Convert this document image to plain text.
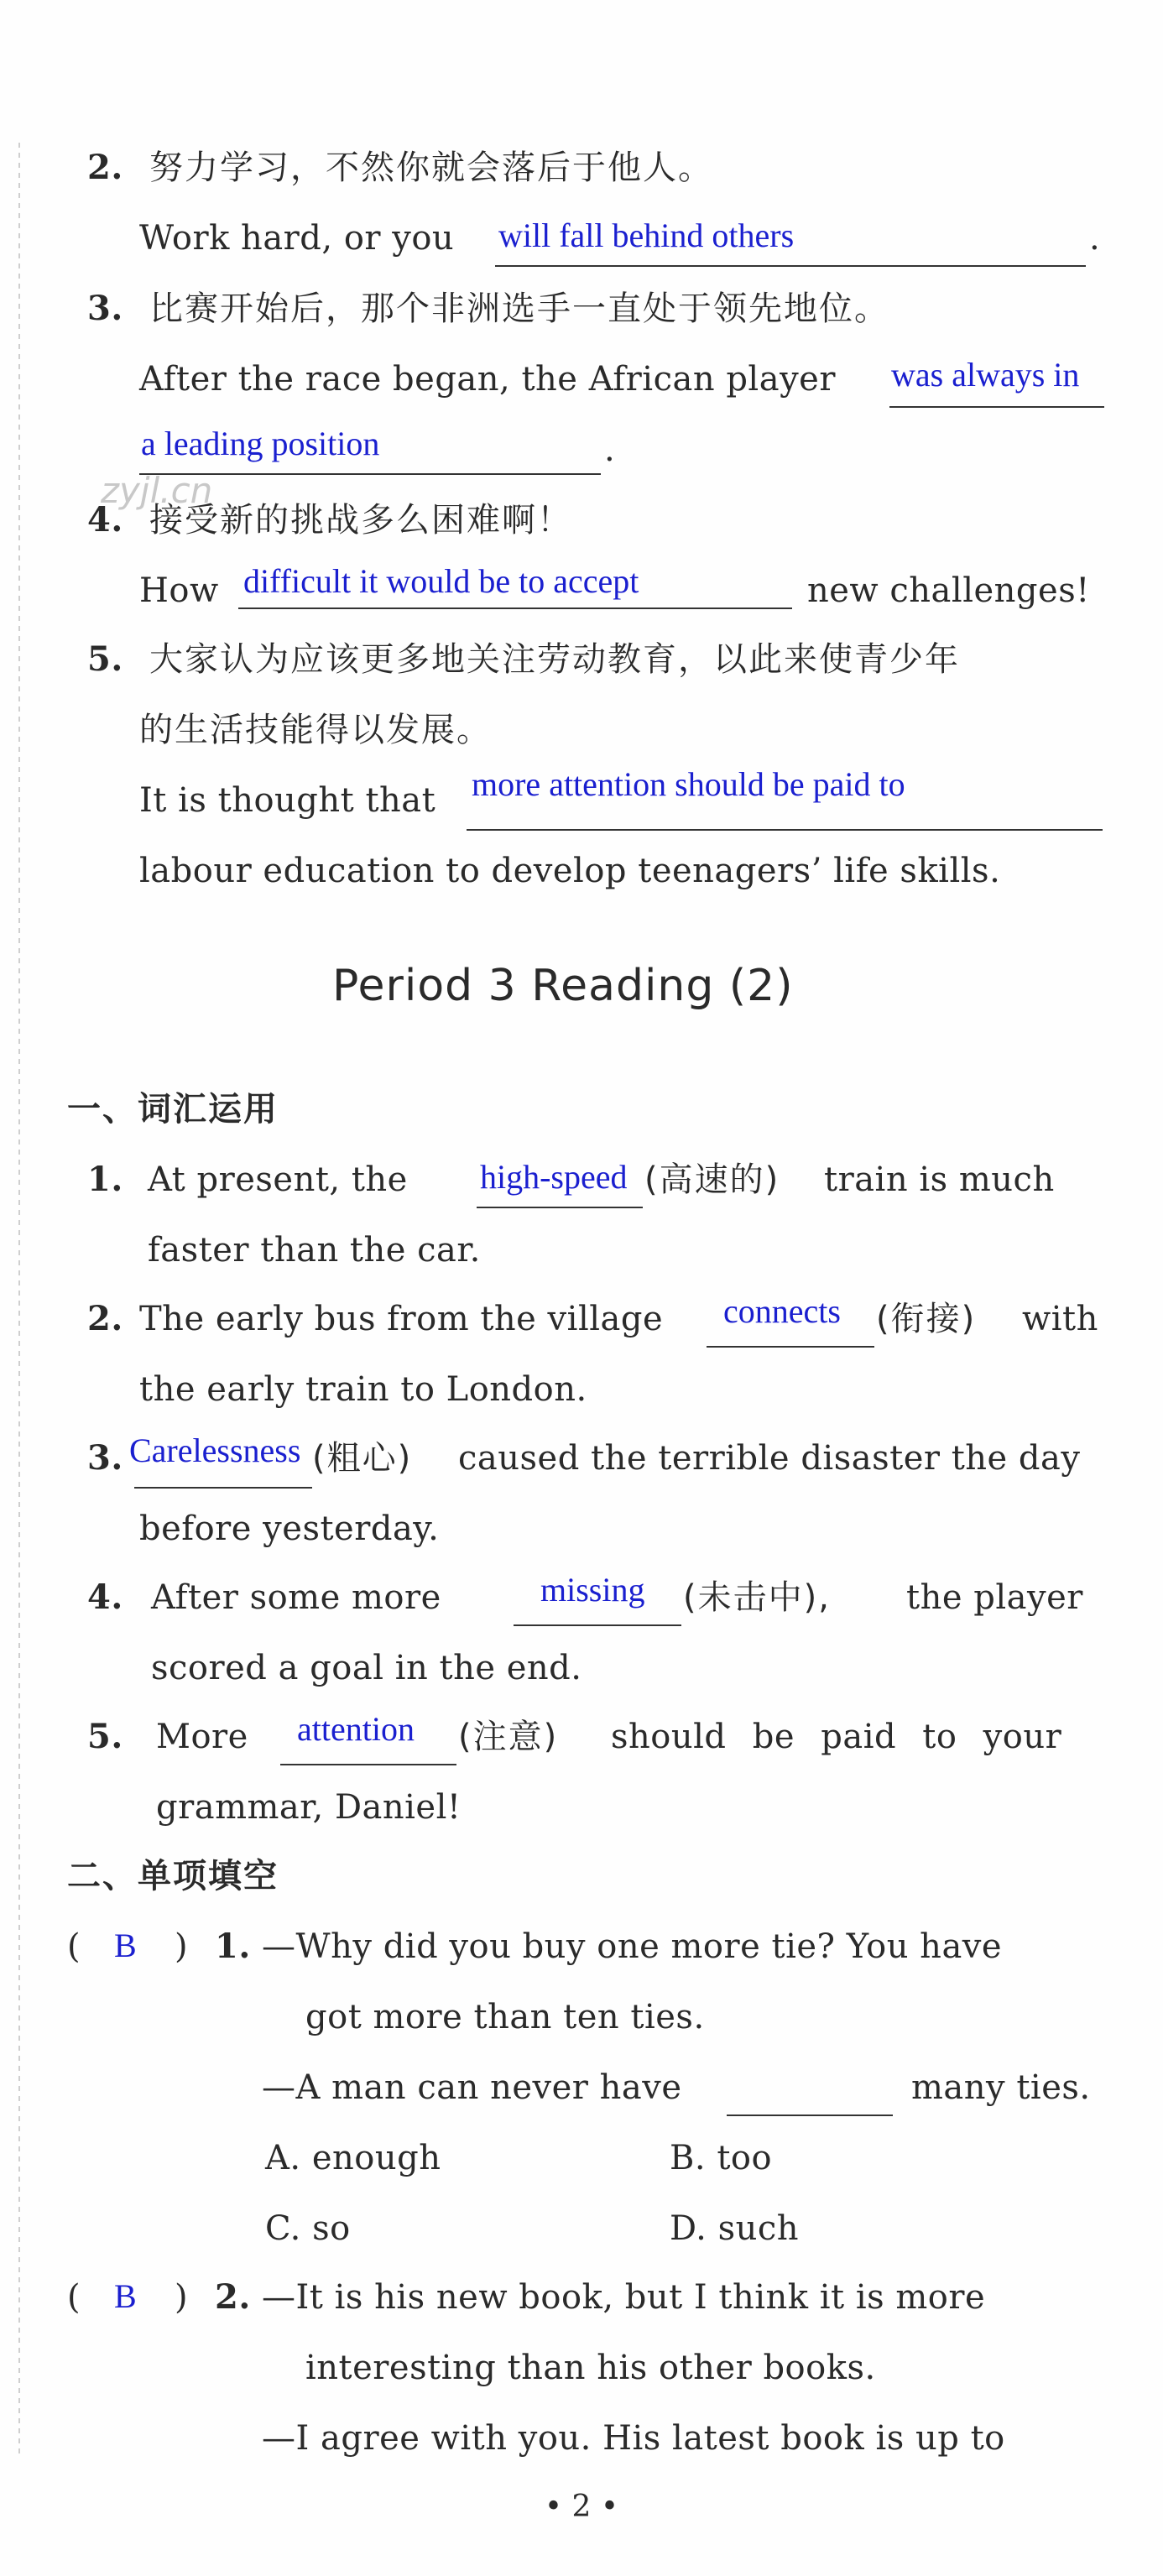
2. 努力学习，不然你就会落后于他人。
Work hard, or you will fall behind others	.
3. 比赛开始后，那个非洲选手一直处于领先地位。
After the race began, the African player was always in
a leading position	.
zyjl.cn
4. 接受新的挑战多么困难啊！
How difficult it would be to accept	new challenges!
5. 大家认为应该更多地关注劳动教育，以此来使青少年
的生活技能得以发展。
It is thought that more attention should be paid to
labour education to develop teenagers’ life skills.
Period 3 Reading (2)
一、词汇运用
1. At present, the high-speed (高速的) train is much
faster than the car.
2. The early bus from the village connects (衔接) with
the early train to London.
3. Carelessness (粗心) caused the terrible disaster the day
before yesterday.
4. After some more	missing (未击中), the player
scored a goal in the end.
5. More attention (注意) should be paid to your
grammar, Daniel!
二、单项填空
( B ) 1. —Why did you buy one more tie? You have
got more than ten ties.
—A man can never have	many ties.
A. enough	B. too
C. so	D. such
( B ) 2. —It is his new book, but I think it is more
interesting than his other books.
—I agree with you. His latest book is up to
• 2 •
